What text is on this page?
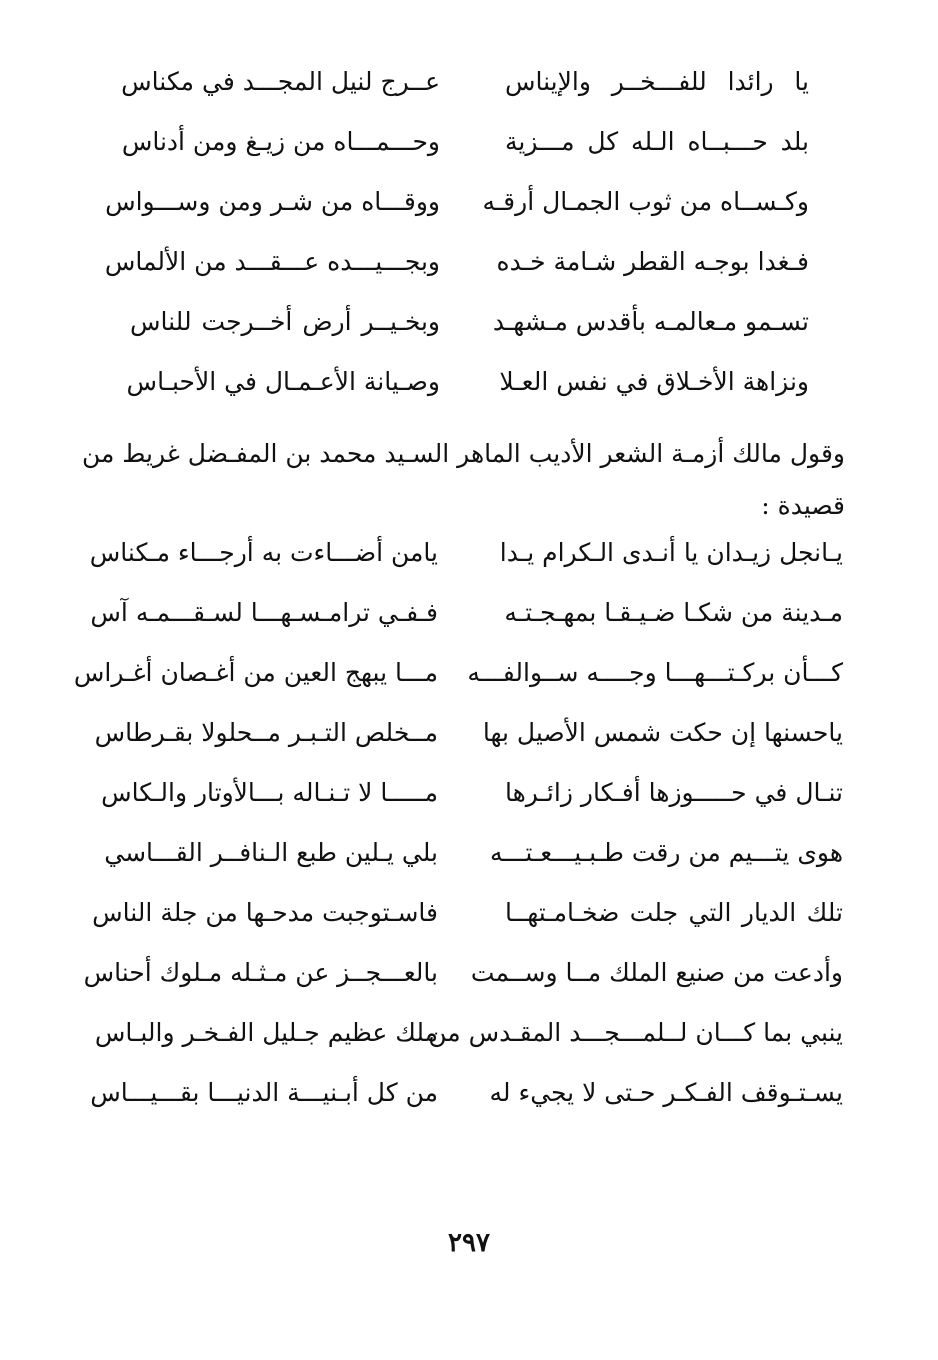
يا رائدا للفـــخــر والإيناس
عــرج لنيل المجـــد في مكناس
بلد حـــبــاه الـله كل مـــزية
وحـــمـــاه من زيـغ ومن أدناس
وكـســاه من ثوب الجمـال أرقـه
ووقـــاه من شـر ومن وســـواس
فـغدا بوجـه القطر شـامة خـده
وبجـــيـــده عـــقـــد من الألماس
تسـمو مـعالمـه بأقدس مـشهـد
وبخـيــر أرض أخــرجت للناس
ونزاهة الأخـلاق في نفس العـلا
وصـيانة الأعـمـال في الأحبـاس
وقول مالك أزمـة الشعر الأديب الماهر السـيد محمد بن المفـضل غريط من
قصيدة :
يـانجل زيـدان يا أنـدى الـكرام يـدا
يامن أضـــاءت به أرجـــاء مـكناس
مـدينة من شكـا ضـيـقـا بمهـجـتـه
فـفـي ترامـسـهـــا لسـقـــمـه آس
كـــأن بركـتـــهـــا وجــــه ســوالفـــه
مـــا يبهج العين من أغـصان أغـراس
ياحسنها إن حكت شمس الأصيل بها
مــخلص التـبـر مــحلولا بقـرطاس
تنـال في حـــــوزها أفـكار زائـرها
مـــــا لا تـنـاله بـــالأوتار والـكاس
هوى يتـــيم من رقت طـبـيـــعـتـــه
بلي يـلين طبع الـنافــر القـــاسي
تلك الديار التي جلت ضخـامـتهــا
فاسـتوجبت مدحـها من جلة الناس
وأدعت من صنيع الملك مــا وســمت
بالعـــجــز عن مـثـله مـلوك أحناس
ينبي بما كـــان لــلمـــجـــد المقـدس من
ملك عظيم جـليل الفـخـر والبـاس
يسـتـوقف الفـكـر حـتى لا يجيء له
من كل أبـنيـــة الدنيـــا بقـــيـــاس
٢٩٧
